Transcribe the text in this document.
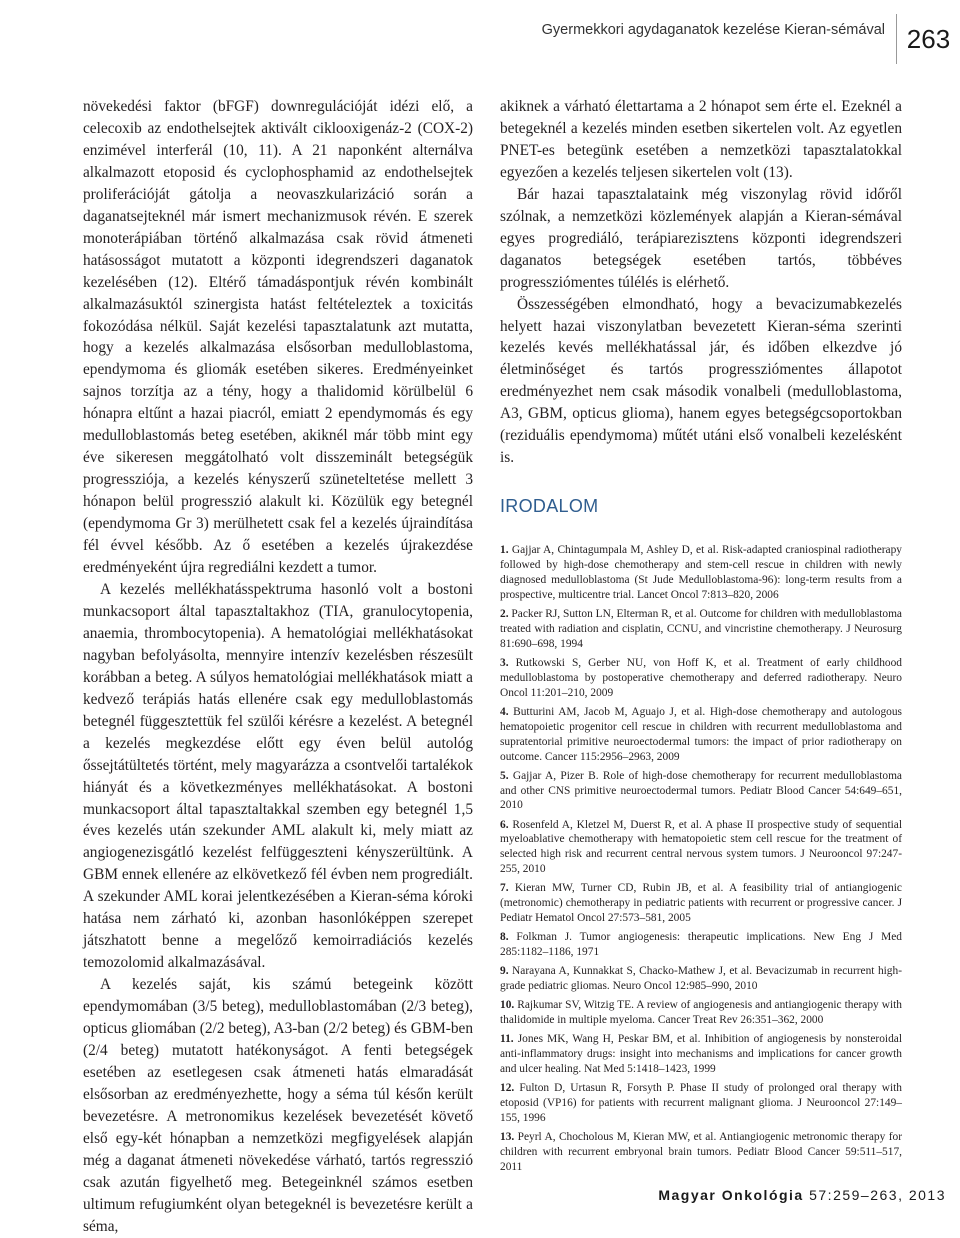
Gyermekkori agydaganatok kezelése Kieran-sémával 263

növekedési faktor (bFGF) downregulációját idézi elő, a celecoxib az endothelsejtek aktivált ciklooxigenáz-2 (COX-2) enzimével interferál (10, 11). A 21 naponként alternálva alkalmazott etoposid és cyclophosphamid az endothelsejtek proliferációját gátolja a neovaszkularizáció során a daganatsejteknél már ismert mechanizmusok révén. E szerek monoterápiában történő alkalmazása csak rövid átmeneti hatásosságot mutatott a központi idegrendszeri daganatok kezelésében (12). Eltérő támadáspontjuk révén kombinált alkalmazásuktól szinergista hatást feltételeztek a toxicitás fokozódása nélkül. Saját kezelési tapasztalatunk azt mutatta, hogy a kezelés alkalmazása elsősorban medulloblastoma, ependymoma és gliomák esetében sikeres. Eredményeinket sajnos torzítja az a tény, hogy a thalidomid körülbelül 6 hónapra eltűnt a hazai piacról, emiatt 2 ependymomás és egy medulloblastomás beteg esetében, akiknél már több mint egy éve sikeresen meggátolható volt disszeminált betegségük progressziója, a kezelés kényszerű szüneteltetése mellett 3 hónapon belül progresszió alakult ki. Közülük egy betegnél (ependymoma Gr 3) merülhetett csak fel a kezelés újraindítása fél évvel később. Az ő esetében a kezelés újrakezdése eredményeként újra regrediálni kezdett a tumor.

A kezelés mellékhatásspektruma hasonló volt a bostoni munkacsoport által tapasztaltakhoz (TIA, granulocytopenia, anaemia, thrombocytopenia). A hematológiai mellékhatásokat nagyban befolyásolta, mennyire intenzív kezelésben részesült korábban a beteg. A súlyos hematológiai mellékhatások miatt a kedvező terápiás hatás ellenére csak egy medulloblastomás betegnél függesztettük fel szülői kérésre a kezelést. A betegnél a kezelés megkezdése előtt egy éven belül autológ őssejtátültetés történt, mely magyarázza a csontvelői tartalékok hiányát és a következményes mellékhatásokat. A bostoni munkacsoport által tapasztaltakkal szemben egy betegnél 1,5 éves kezelés után szekunder AML alakult ki, mely miatt az angiogenezisgátló kezelést felfüggeszteni kényszerültünk. A GBM ennek ellenére az elkövetkező fél évben nem progrediált. A szekunder AML korai jelentkezésében a Kieran-séma kóroki hatása nem zárható ki, azonban hasonlóképpen szerepet játszhatott benne a megelőző kemoirradiációs kezelés temozolomid alkalmazásával.

A kezelés saját, kis számú betegeink között ependymomában (3/5 beteg), medulloblastomában (2/3 beteg), opticus gliomában (2/2 beteg), A3-ban (2/2 beteg) és GBM-ben (2/4 beteg) mutatott hatékonyságot. A fenti betegségek esetében az esetlegesen csak átmeneti hatás elmaradását elsősorban az eredményezhette, hogy a séma túl későn került bevezetésre. A metronomikus kezelések bevezetését követő első egy-két hónapban a nemzetközi megfigyelések alapján még a daganat átmeneti növekedése várható, tartós regresszió csak azután figyelhető meg. Betegeinknél számos esetben ultimum refugiumként olyan betegeknél is bevezetésre került a séma,

akiknek a várható élettartama a 2 hónapot sem érte el. Ezeknél a betegeknél a kezelés minden esetben sikertelen volt. Az egyetlen PNET-es betegünk esetében a nemzetközi tapasztalatokkal egyezően a kezelés teljesen sikertelen volt (13).

Bár hazai tapasztalataink még viszonylag rövid időről szólnak, a nemzetközi közlemények alapján a Kieran-sémával egyes progrediáló, terápiarezisztens központi idegrendszeri daganatos betegségek esetében tartós, többéves progressziómentes túlélés is elérhető.

Összességében elmondható, hogy a bevacizumabkezelés helyett hazai viszonylatban bevezetett Kieran-séma szerinti kezelés kevés mellékhatással jár, és időben elkezdve jó életminőséget és tartós progressziómentes állapotot eredményezhet nem csak második vonalbeli (medulloblastoma, A3, GBM, opticus glioma), hanem egyes betegségcsoportokban (reziduális ependymoma) műtét utáni első vonalbeli kezelésként is.

IRODALOM
1. Gajjar A, Chintagumpala M, Ashley D, et al. Risk-adapted craniospinal radiotherapy followed by high-dose chemotherapy and stem-cell rescue in children with newly diagnosed medulloblastoma (St Jude Medulloblastoma-96): long-term results from a prospective, multicentre trial. Lancet Oncol 7:813–820, 2006
2. Packer RJ, Sutton LN, Elterman R, et al. Outcome for children with medulloblastoma treated with radiation and cisplatin, CCNU, and vincristine chemotherapy. J Neurosurg 81:690–698, 1994
3. Rutkowski S, Gerber NU, von Hoff K, et al. Treatment of early childhood medulloblastoma by postoperative chemotherapy and deferred radiotherapy. Neuro Oncol 11:201–210, 2009
4. Butturini AM, Jacob M, Aguajo J, et al. High-dose chemotherapy and autologous hematopoietic progenitor cell rescue in children with recurrent medulloblastoma and supratentorial primitive neuroectodermal tumors: the impact of prior radiotherapy on outcome. Cancer 115:2956–2963, 2009
5. Gajjar A, Pizer B. Role of high-dose chemotherapy for recurrent medulloblastoma and other CNS primitive neuroectodermal tumors. Pediatr Blood Cancer 54:649–651, 2010
6. Rosenfeld A, Kletzel M, Duerst R, et al. A phase II prospective study of sequential myeloablative chemotherapy with hematopoietic stem cell rescue for the treatment of selected high risk and recurrent central nervous system tumors. J Neurooncol 97:247-255, 2010
7. Kieran MW, Turner CD, Rubin JB, et al. A feasibility trial of antiangiogenic (metronomic) chemotherapy in pediatric patients with recurrent or progressive cancer. J Pediatr Hematol Oncol 27:573–581, 2005
8. Folkman J. Tumor angiogenesis: therapeutic implications. New Eng J Med 285:1182–1186, 1971
9. Narayana A, Kunnakkat S, Chacko-Mathew J, et al. Bevacizumab in recurrent high-grade pediatric gliomas. Neuro Oncol 12:985–990, 2010
10. Rajkumar SV, Witzig TE. A review of angiogenesis and antiangiogenic therapy with thalidomide in multiple myeloma. Cancer Treat Rev 26:351–362, 2000
11. Jones MK, Wang H, Peskar BM, et al. Inhibition of angiogenesis by nonsteroidal anti-inflammatory drugs: insight into mechanisms and implications for cancer growth and ulcer healing. Nat Med 5:1418–1423, 1999
12. Fulton D, Urtasun R, Forsyth P. Phase II study of prolonged oral therapy with etoposid (VP16) for patients with recurrent malignant glioma. J Neurooncol 27:149–155, 1996
13. Peyrl A, Chocholous M, Kieran MW, et al. Antiangiogenic metronomic therapy for children with recurrent embryonal brain tumors. Pediatr Blood Cancer 59:511–517, 2011
Magyar Onkológia 57:259–263, 2013
